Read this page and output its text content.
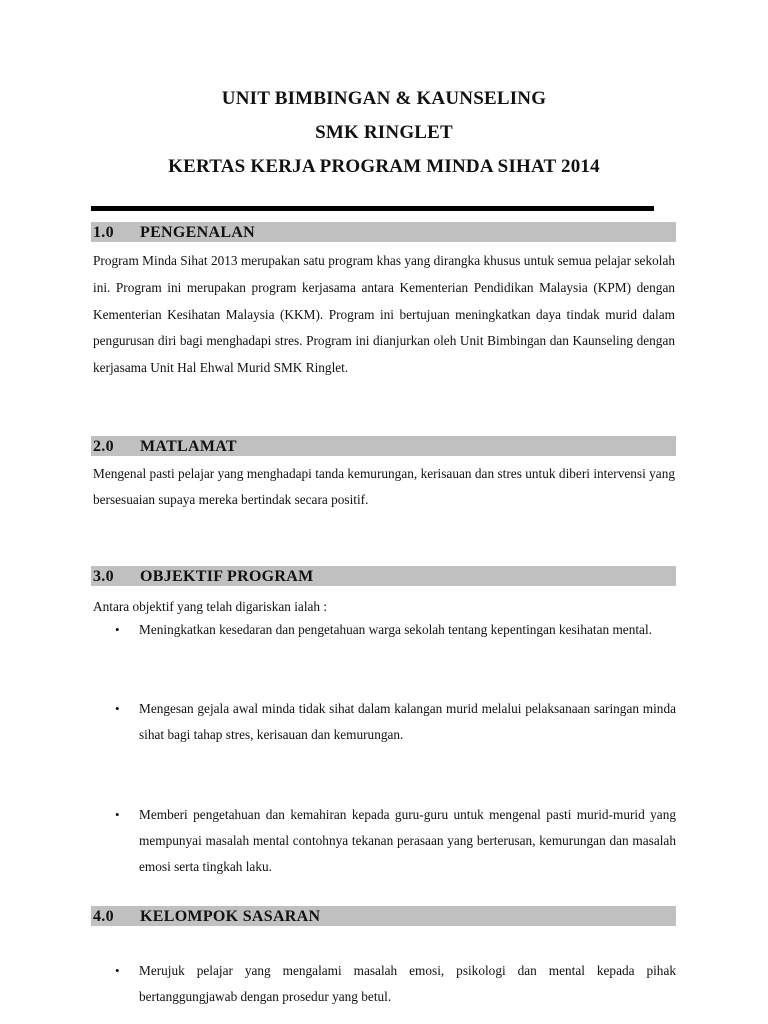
UNIT BIMBINGAN & KAUNSELING
SMK RINGLET
KERTAS KERJA PROGRAM MINDA SIHAT 2014
1.0 PENGENALAN
Program Minda Sihat 2013 merupakan satu program khas yang dirangka khusus untuk semua pelajar sekolah ini. Program ini merupakan program kerjasama antara Kementerian Pendidikan Malaysia (KPM) dengan Kementerian Kesihatan Malaysia (KKM). Program ini bertujuan meningkatkan daya tindak murid dalam pengurusan diri bagi menghadapi stres. Program ini dianjurkan oleh Unit Bimbingan dan Kaunseling dengan kerjasama Unit Hal Ehwal Murid SMK Ringlet.
2.0 MATLAMAT
Mengenal pasti pelajar yang menghadapi tanda kemurungan, kerisauan dan stres untuk diberi intervensi yang bersesuaian supaya mereka bertindak secara positif.
3.0 OBJEKTIF PROGRAM
Antara objektif yang telah digariskan ialah :
• Meningkatkan kesedaran dan pengetahuan warga sekolah tentang kepentingan kesihatan mental.
• Mengesan gejala awal minda tidak sihat dalam kalangan murid melalui pelaksanaan saringan minda sihat bagi tahap stres, kerisauan dan kemurungan.
• Memberi pengetahuan dan kemahiran kepada guru-guru untuk mengenal pasti murid-murid yang mempunyai masalah mental contohnya tekanan perasaan yang berterusan, kemurungan dan masalah emosi serta tingkah laku.
• Merujuk pelajar yang mengalami masalah emosi, psikologi dan mental kepada pihak bertanggungjawab dengan prosedur yang betul.
4.0 KELOMPOK SASARAN
